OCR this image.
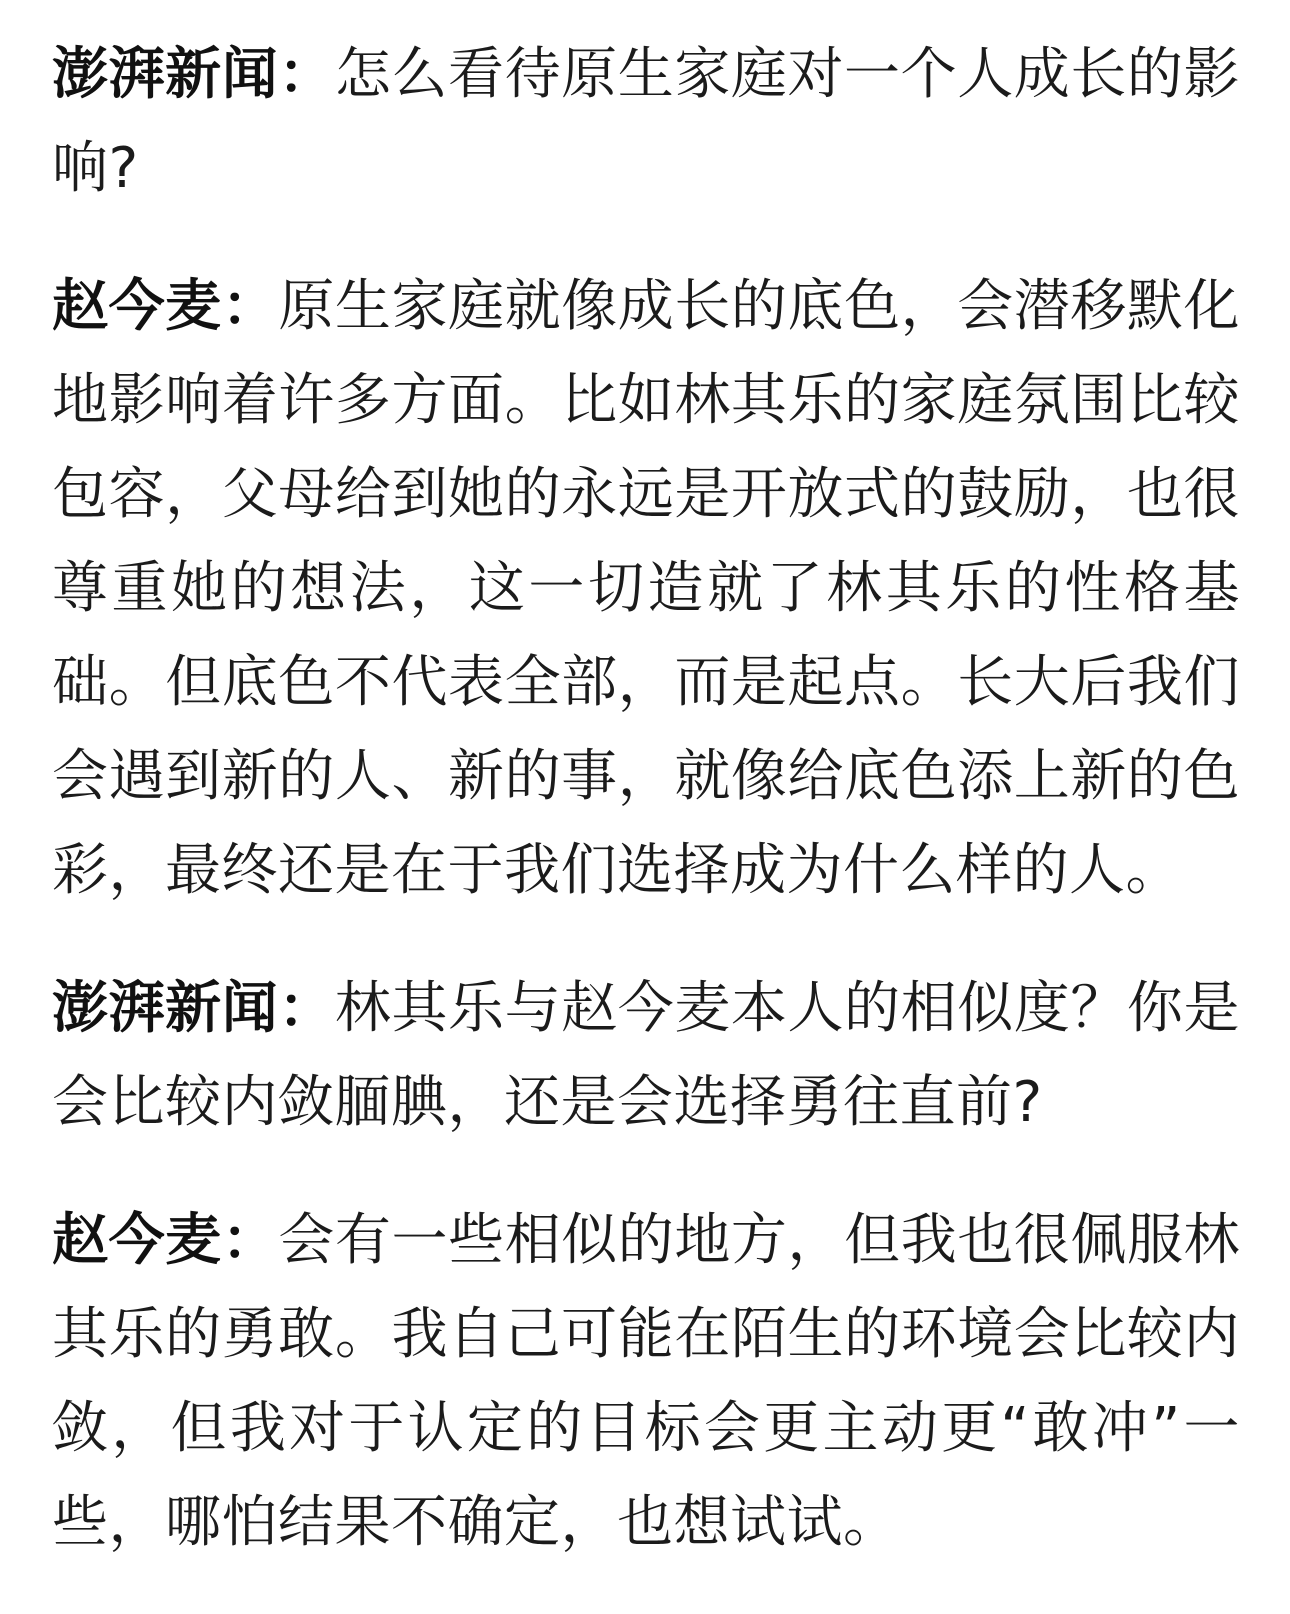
澎湃新闻：怎么看待原生家庭对一个人成长的影响?

赵今麦：原生家庭就像成长的底色，会潜移默化地影响着许多方面。比如林其乐的家庭氛围比较包容，父母给到她的永远是开放式的鼓励，也很尊重她的想法，这一切造就了林其乐的性格基础。但底色不代表全部，而是起点。长大后我们会遇到新的人、新的事，就像给底色添上新的色彩，最终还是在于我们选择成为什么样的人。

澎湃新闻：林其乐与赵今麦本人的相似度？你是会比较内敛腼腆，还是会选择勇往直前?

赵今麦：会有一些相似的地方，但我也很佩服林其乐的勇敢。我自己可能在陌生的环境会比较内敛，但我对于认定的目标会更主动更“敢冲”一些，哪怕结果不确定，也想试试。
